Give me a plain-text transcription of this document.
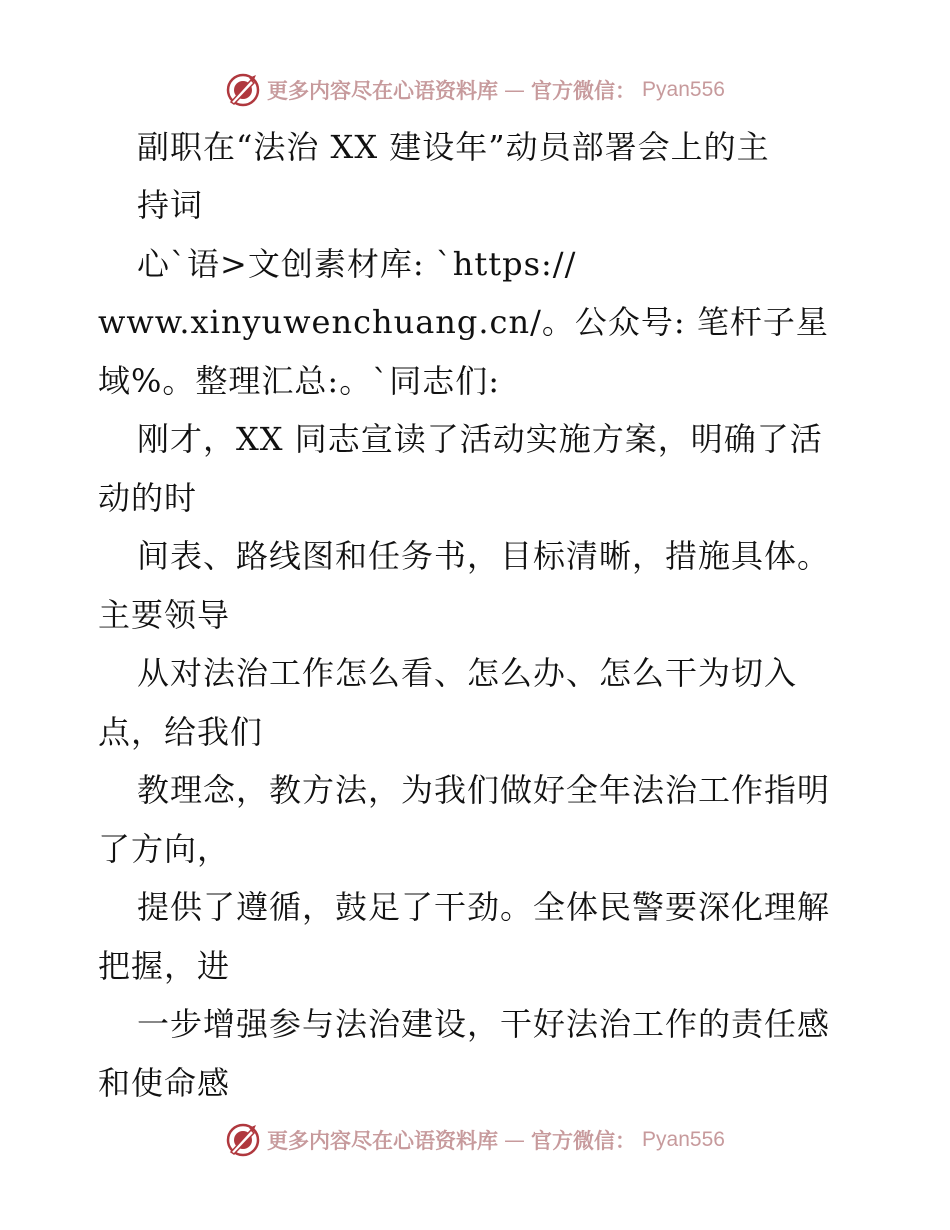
更多内容尽在心语资料库 — 官方微信： Pyan556
副职在“法治 XX 建设年”动员部署会上的主
持词
心`语>文创素材库: `https://
www.xinyuwenchuang.cn/。公众号: 笔杆子星
域%。整理汇总:。`同志们:
刚才，XX 同志宣读了活动实施方案，明确了活
动的时
间表、路线图和任务书，目标清晰，措施具体。
主要领导
从对法治工作怎么看、怎么办、怎么干为切入
点，给我们
教理念，教方法，为我们做好全年法治工作指明
了方向，
提供了遵循，鼓足了干劲。全体民警要深化理解
把握，进
一步增强参与法治建设，干好法治工作的责任感
和使命感
更多内容尽在心语资料库 — 官方微信： Pyan556
